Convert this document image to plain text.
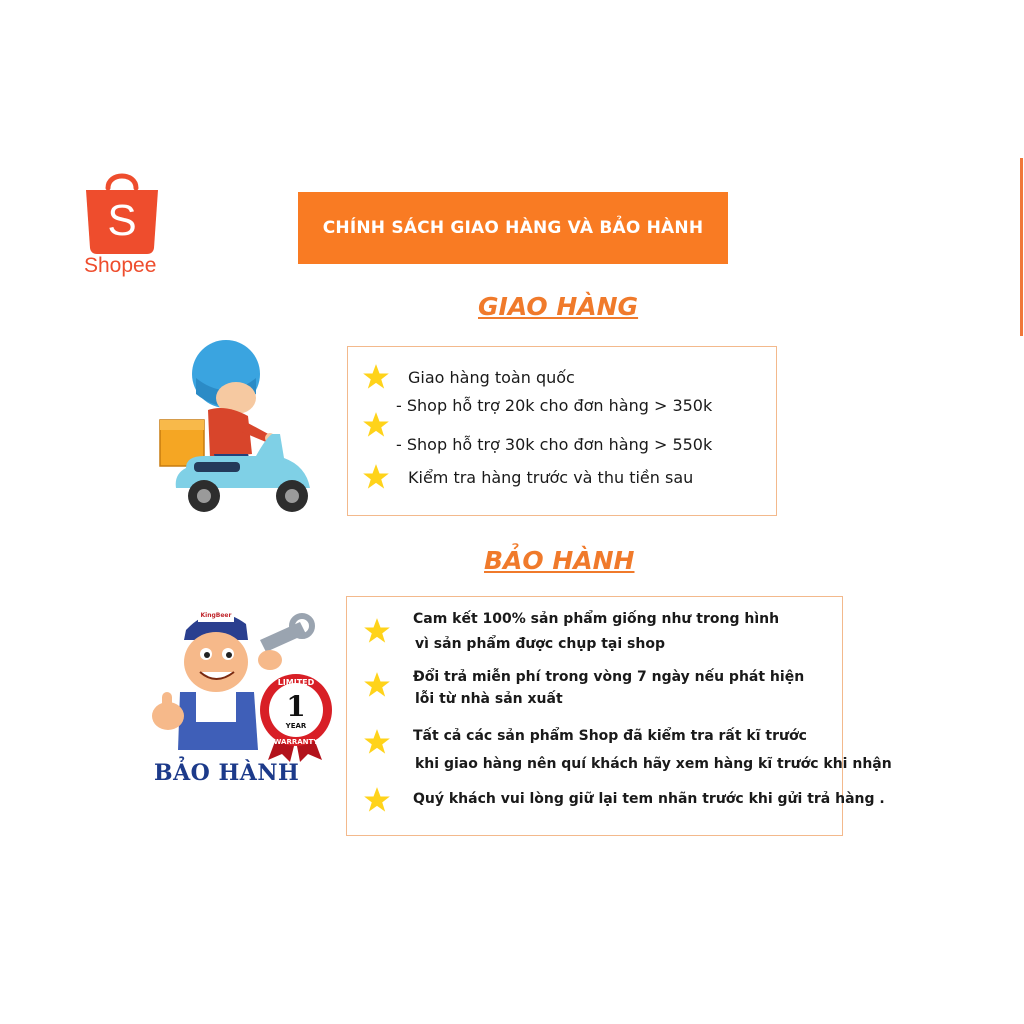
S
Shopee
CHÍNH SÁCH GIAO HÀNG VÀ BẢO HÀNH
GIAO HÀNG
Giao hàng toàn quốc
- Shop hỗ trợ 20k cho đơn hàng > 350k
- Shop hỗ trợ 30k cho đơn hàng > 550k
Kiểm tra hàng trước và thu tiền sau
BẢO HÀNH
LIMITED
1
YEAR
WARRANTY
KingBeer
BẢO HÀNH
Cam kết 100% sản phẩm giống như trong hình
vì sản phẩm được chụp tại shop
Đổi trả miễn phí trong vòng 7 ngày nếu phát hiện
lỗi từ nhà sản xuất
Tất cả các sản phẩm Shop đã kiểm tra rất kĩ trước
khi giao hàng nên quí khách hãy xem hàng kĩ trước khi nhận
Quý khách vui lòng giữ lại tem nhãn trước khi gửi trả hàng .
